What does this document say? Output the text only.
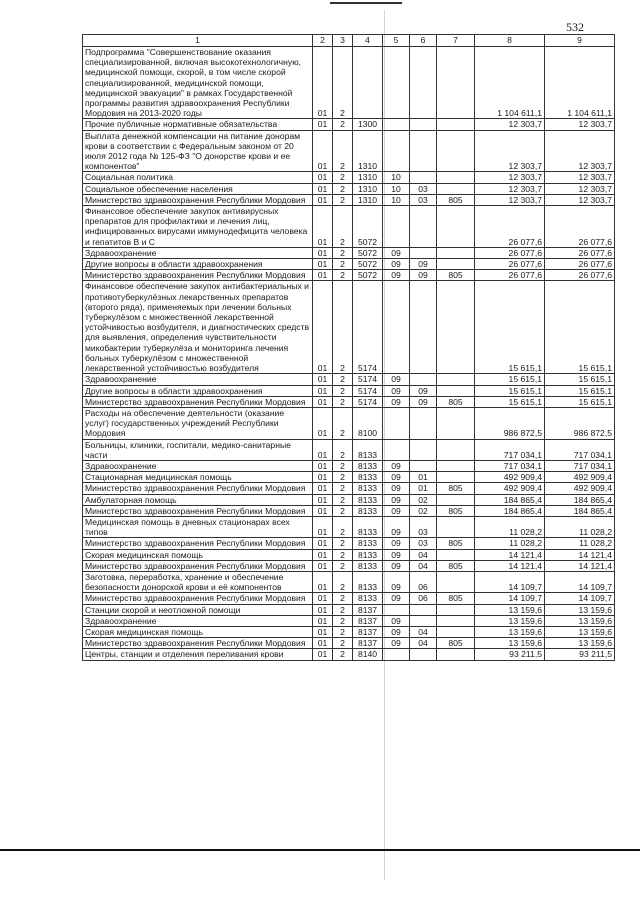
532
1	2	3	4	5	6	7	8	9
Подпрограмма "Совершенствование оказания специализированной, включая высокотехнологичную, медицинской помощи, скорой, в том числе скорой специализированной, медицинской помощи, медицинской эвакуации" в рамках Государственной программы развития здравоохранения Республики Мордовия на 2013-2020 годы	01	2					1 104 611,1	1 104 611,1
Прочие публичные нормативные обязательства	01	2	1300				12 303,7	12 303,7
Выплата денежной компенсации на питание донорам крови в соответствии с Федеральным законом от 20 июля 2012 года № 125-ФЗ "О донорстве крови и ее компонентов"	01	2	1310				12 303,7	12 303,7
Социальная политика	01	2	1310	10			12 303,7	12 303,7
Социальное обеспечение населения	01	2	1310	10	03		12 303,7	12 303,7
Министерство здравоохранения Республики Мордовия	01	2	1310	10	03	805	12 303,7	12 303,7
Финансовое обеспечение закупок антивирусных препаратов для профилактики и лечения лиц, инфицированных вирусами иммунодефицита человека и гепатитов В и С	01	2	5072				26 077,6	26 077,6
Здравоохранение	01	2	5072	09			26 077,6	26 077,6
Другие вопросы в области здравоохранения	01	2	5072	09	09		26 077,6	26 077,6
Министерство здравоохранения Республики Мордовия	01	2	5072	09	09	805	26 077,6	26 077,6
Финансовое обеспечение закупок антибактериальных и противотуберкулёзных лекарственных препаратов (второго ряда), применяемых при лечении больных туберкулёзом с множественной лекарственной устойчивостью возбудителя, и диагностических средств для выявления, определения чувствительности микобактерии туберкулёза и мониторинга лечения больных туберкулёзом с множественной лекарственной устойчивостью возбудителя	01	2	5174				15 615,1	15 615,1
Здравоохранение	01	2	5174	09			15 615,1	15 615,1
Другие вопросы в области здравоохранения	01	2	5174	09	09		15 615,1	15 615,1
Министерство здравоохранения Республики Мордовия	01	2	5174	09	09	805	15 615,1	15 615,1
Расходы на обеспечение деятельности (оказание услуг) государственных учреждений Республики Мордовия	01	2	8100				986 872,5	986 872,5
Больницы, клиники, госпитали, медико-санитарные части	01	2	8133				717 034,1	717 034,1
Здравоохранение	01	2	8133	09			717 034,1	717 034,1
Стационарная медицинская помощь	01	2	8133	09	01		492 909,4	492 909,4
Министерство здравоохранения Республики Мордовия	01	2	8133	09	01	805	492 909,4	492 909,4
Амбулаторная помощь	01	2	8133	09	02		184 865,4	184 865,4
Министерство здравоохранения Республики Мордовия	01	2	8133	09	02	805	184 865,4	184 865,4
Медицинская помощь в дневных стационарах всех типов	01	2	8133	09	03		11 028,2	11 028,2
Министерство здравоохранения Республики Мордовия	01	2	8133	09	03	805	11 028,2	11 028,2
Скорая медицинская помощь	01	2	8133	09	04		14 121,4	14 121,4
Министерство здравоохранения Республики Мордовия	01	2	8133	09	04	805	14 121,4	14 121,4
Заготовка, переработка, хранение и обеспечение безопасности донорской крови и её компонентов	01	2	8133	09	06		14 109,7	14 109,7
Министерство здравоохранения Республики Мордовия	01	2	8133	09	06	805	14 109,7	14 109,7
Станции скорой и неотложной помощи	01	2	8137				13 159,6	13 159,6
Здравоохранение	01	2	8137	09			13 159,6	13 159,6
Скорая медицинская помощь	01	2	8137	09	04		13 159,6	13 159,6
Министерство здравоохранения Республики Мордовия	01	2	8137	09	04	805	13 159,6	13 159,6
Центры, станции и отделения переливания крови	01	2	8140				93 211,5	93 211,5
